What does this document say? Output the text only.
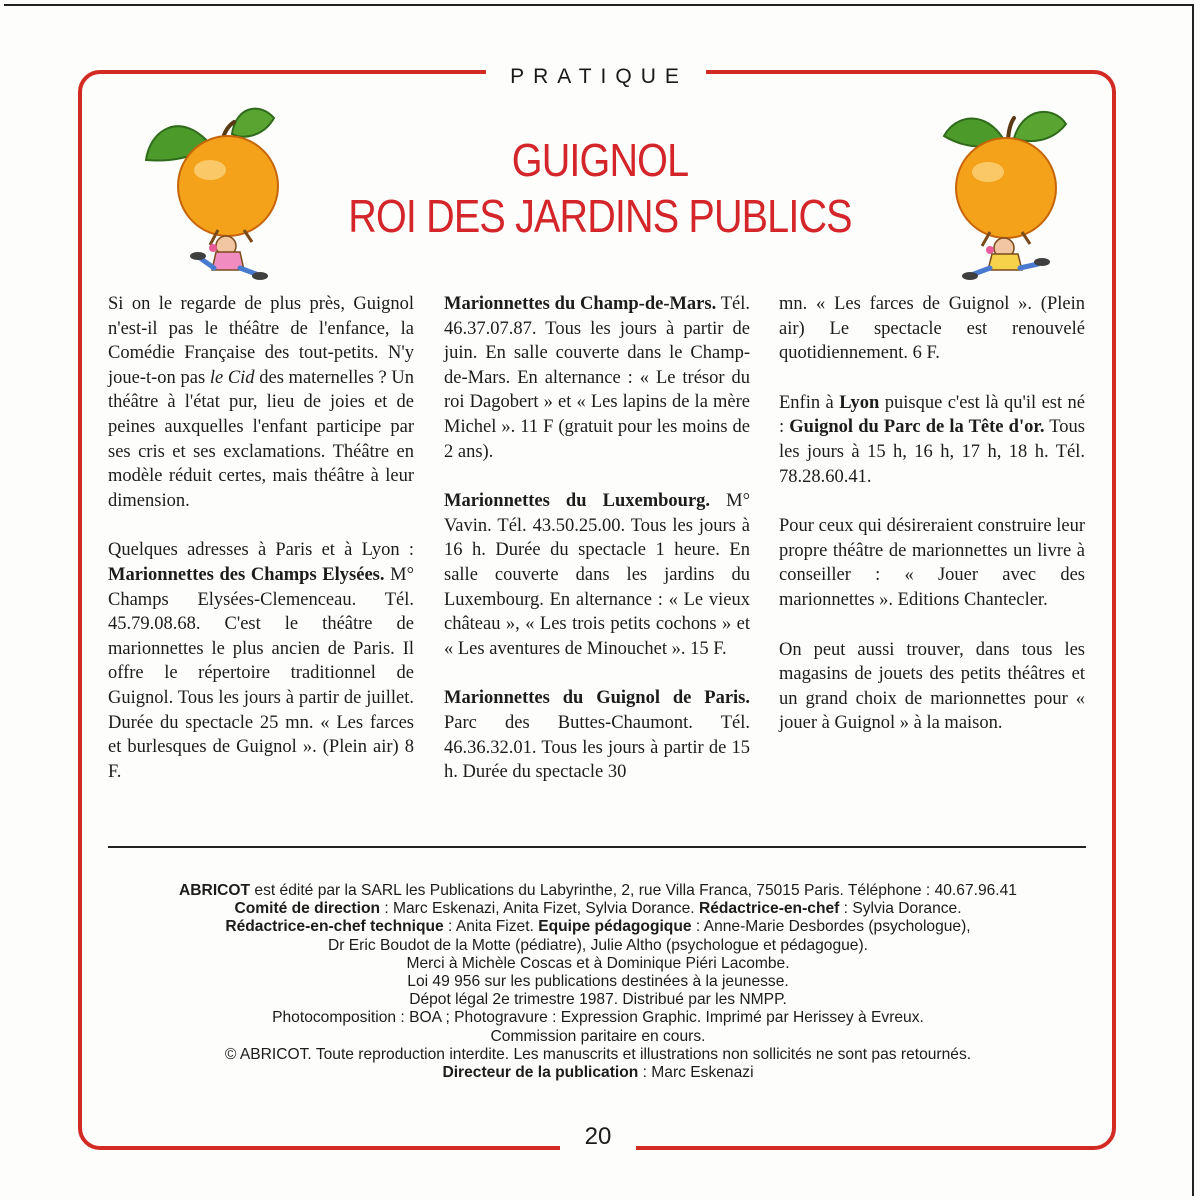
PRATIQUE
GUIGNOL
ROI DES JARDINS PUBLICS

Si on le regarde de plus près, Guignol n'est-il pas le théâtre de l'enfance, la Comédie Française des tout-petits. N'y joue-t-on pas le Cid des maternelles ? Un théâtre à l'état pur, lieu de joies et de peines auxquelles l'enfant participe par ses cris et ses exclamations. Théâtre en modèle réduit certes, mais théâtre à leur dimension.

Quelques adresses à Paris et à Lyon : Marionnettes des Champs Elysées. M° Champs Elysées-Clemenceau. Tél. 45.79.08.68. C'est le théâtre de marionnettes le plus ancien de Paris. Il offre le répertoire traditionnel de Guignol. Tous les jours à partir de juillet. Durée du spectacle 25 mn. « Les farces et burlesques de Guignol ». (Plein air) 8 F.

Marionnettes du Champ-de-Mars. Tél. 46.37.07.87. Tous les jours à partir de juin. En salle couverte dans le Champ-de-Mars. En alternance : « Le trésor du roi Dagobert » et « Les lapins de la mère Michel ». 11 F (gratuit pour les moins de 2 ans).

Marionnettes du Luxembourg. M° Vavin. Tél. 43.50.25.00. Tous les jours à 16 h. Durée du spectacle 1 heure. En salle couverte dans les jardins du Luxembourg. En alternance : « Le vieux château », « Les trois petits cochons » et « Les aventures de Minouchet ». 15 F.

Marionnettes du Guignol de Paris. Parc des Buttes-Chaumont. Tél. 46.36.32.01. Tous les jours à partir de 15 h. Durée du spectacle 30

mn. « Les farces de Guignol ». (Plein air) Le spectacle est renouvelé quotidiennement. 6 F.

Enfin à Lyon puisque c'est là qu'il est né : Guignol du Parc de la Tête d'or. Tous les jours à 15 h, 16 h, 17 h, 18 h. Tél. 78.28.60.41.

Pour ceux qui désireraient construire leur propre théâtre de marionnettes un livre à conseiller : « Jouer avec des marionnettes ». Editions Chantecler.

On peut aussi trouver, dans tous les magasins de jouets des petits théâtres et un grand choix de marionnettes pour « jouer à Guignol » à la maison.

ABRICOT est édité par la SARL les Publications du Labyrinthe, 2, rue Villa Franca, 75015 Paris. Téléphone : 40.67.96.41
Comité de direction : Marc Eskenazi, Anita Fizet, Sylvia Dorance. Rédactrice-en-chef : Sylvia Dorance.
Rédactrice-en-chef technique : Anita Fizet. Equipe pédagogique : Anne-Marie Desbordes (psychologue),
Dr Eric Boudot de la Motte (pédiatre), Julie Altho (psychologue et pédagogue).
Merci à Michèle Coscas et à Dominique Piéri Lacombe.
Loi 49 956 sur les publications destinées à la jeunesse.
Dépot légal 2e trimestre 1987. Distribué par les NMPP.
Photocomposition : BOA ; Photogravure : Expression Graphic. Imprimé par Herissey à Evreux.
Commission paritaire en cours.
© ABRICOT. Toute reproduction interdite. Les manuscrits et illustrations non sollicités ne sont pas retournés.
Directeur de la publication : Marc Eskenazi
20
